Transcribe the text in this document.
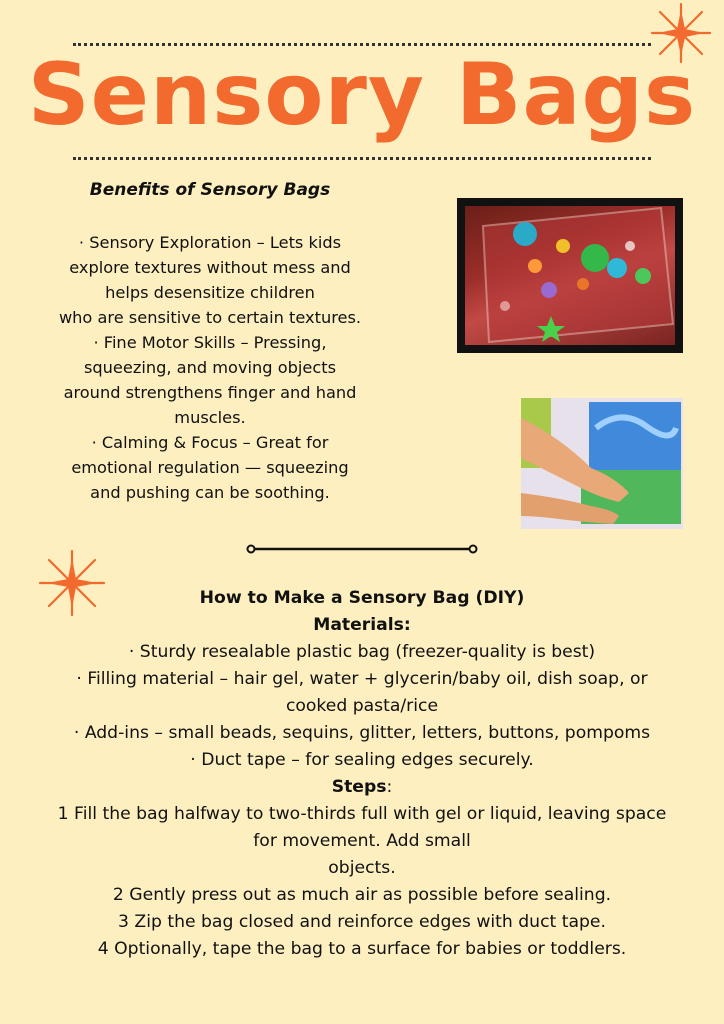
Sensory Bags
Benefits of Sensory Bags

· Sensory Exploration – Lets kids

explore textures without mess and

helps desensitize children

who are sensitive to certain textures.

· Fine Motor Skills – Pressing,

squeezing, and moving objects

around strengthens finger and hand

muscles.

· Calming & Focus – Great for

emotional regulation — squeezing

and pushing can be soothing.

How to Make a Sensory Bag (DIY)

Materials:

· Sturdy resealable plastic bag (freezer-quality is best)

· Filling material – hair gel, water + glycerin/baby oil, dish soap, or

cooked pasta/rice

· Add-ins – small beads, sequins, glitter, letters, buttons, pompoms

· Duct tape – for sealing edges securely.

Steps:

1 Fill the bag halfway to two-thirds full with gel or liquid, leaving space

for movement. Add small

objects.

2 Gently press out as much air as possible before sealing.

3 Zip the bag closed and reinforce edges with duct tape.

4 Optionally, tape the bag to a surface for babies or toddlers.
